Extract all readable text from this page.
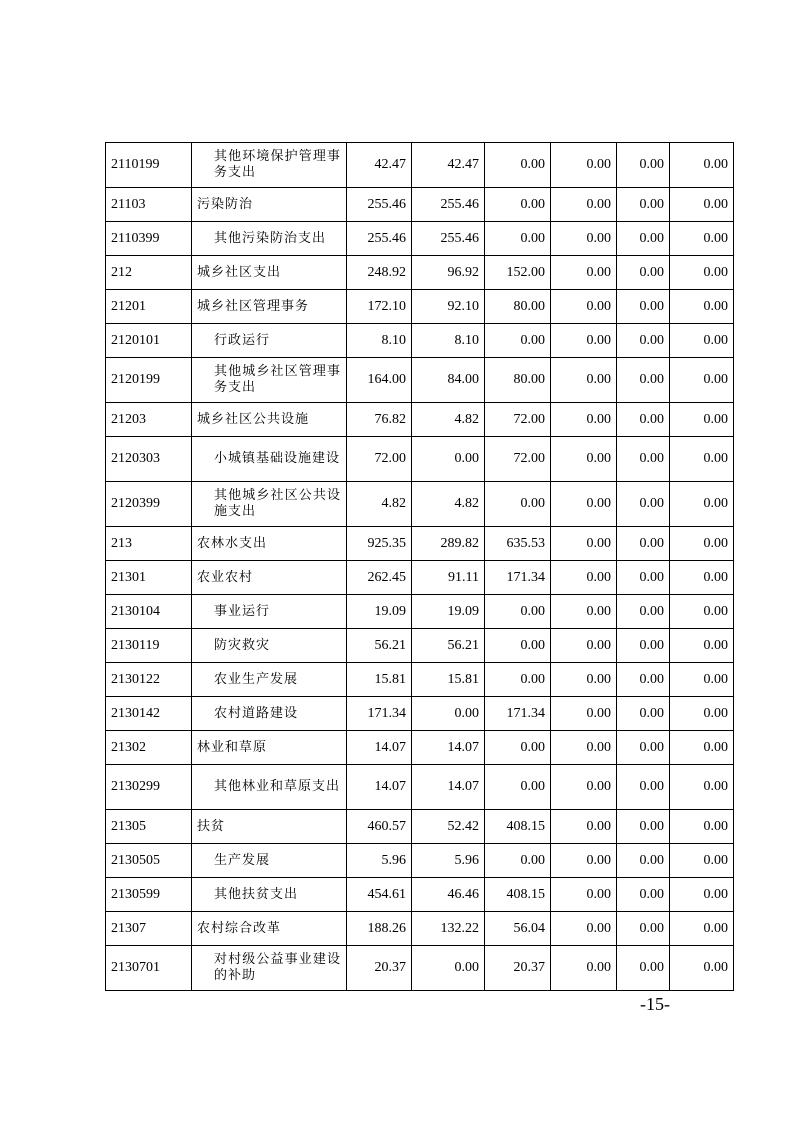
2110199	其他环境保护管理事务支出	42.47	42.47	0.00	0.00	0.00	0.00
21103	污染防治	255.46	255.46	0.00	0.00	0.00	0.00
2110399	其他污染防治支出	255.46	255.46	0.00	0.00	0.00	0.00
212	城乡社区支出	248.92	96.92	152.00	0.00	0.00	0.00
21201	城乡社区管理事务	172.10	92.10	80.00	0.00	0.00	0.00
2120101	行政运行	8.10	8.10	0.00	0.00	0.00	0.00
2120199	其他城乡社区管理事务支出	164.00	84.00	80.00	0.00	0.00	0.00
21203	城乡社区公共设施	76.82	4.82	72.00	0.00	0.00	0.00
2120303	小城镇基础设施建设	72.00	0.00	72.00	0.00	0.00	0.00
2120399	其他城乡社区公共设施支出	4.82	4.82	0.00	0.00	0.00	0.00
213	农林水支出	925.35	289.82	635.53	0.00	0.00	0.00
21301	农业农村	262.45	91.11	171.34	0.00	0.00	0.00
2130104	事业运行	19.09	19.09	0.00	0.00	0.00	0.00
2130119	防灾救灾	56.21	56.21	0.00	0.00	0.00	0.00
2130122	农业生产发展	15.81	15.81	0.00	0.00	0.00	0.00
2130142	农村道路建设	171.34	0.00	171.34	0.00	0.00	0.00
21302	林业和草原	14.07	14.07	0.00	0.00	0.00	0.00
2130299	其他林业和草原支出	14.07	14.07	0.00	0.00	0.00	0.00
21305	扶贫	460.57	52.42	408.15	0.00	0.00	0.00
2130505	生产发展	5.96	5.96	0.00	0.00	0.00	0.00
2130599	其他扶贫支出	454.61	46.46	408.15	0.00	0.00	0.00
21307	农村综合改革	188.26	132.22	56.04	0.00	0.00	0.00
2130701	对村级公益事业建设的补助	20.37	0.00	20.37	0.00	0.00	0.00
-15-
